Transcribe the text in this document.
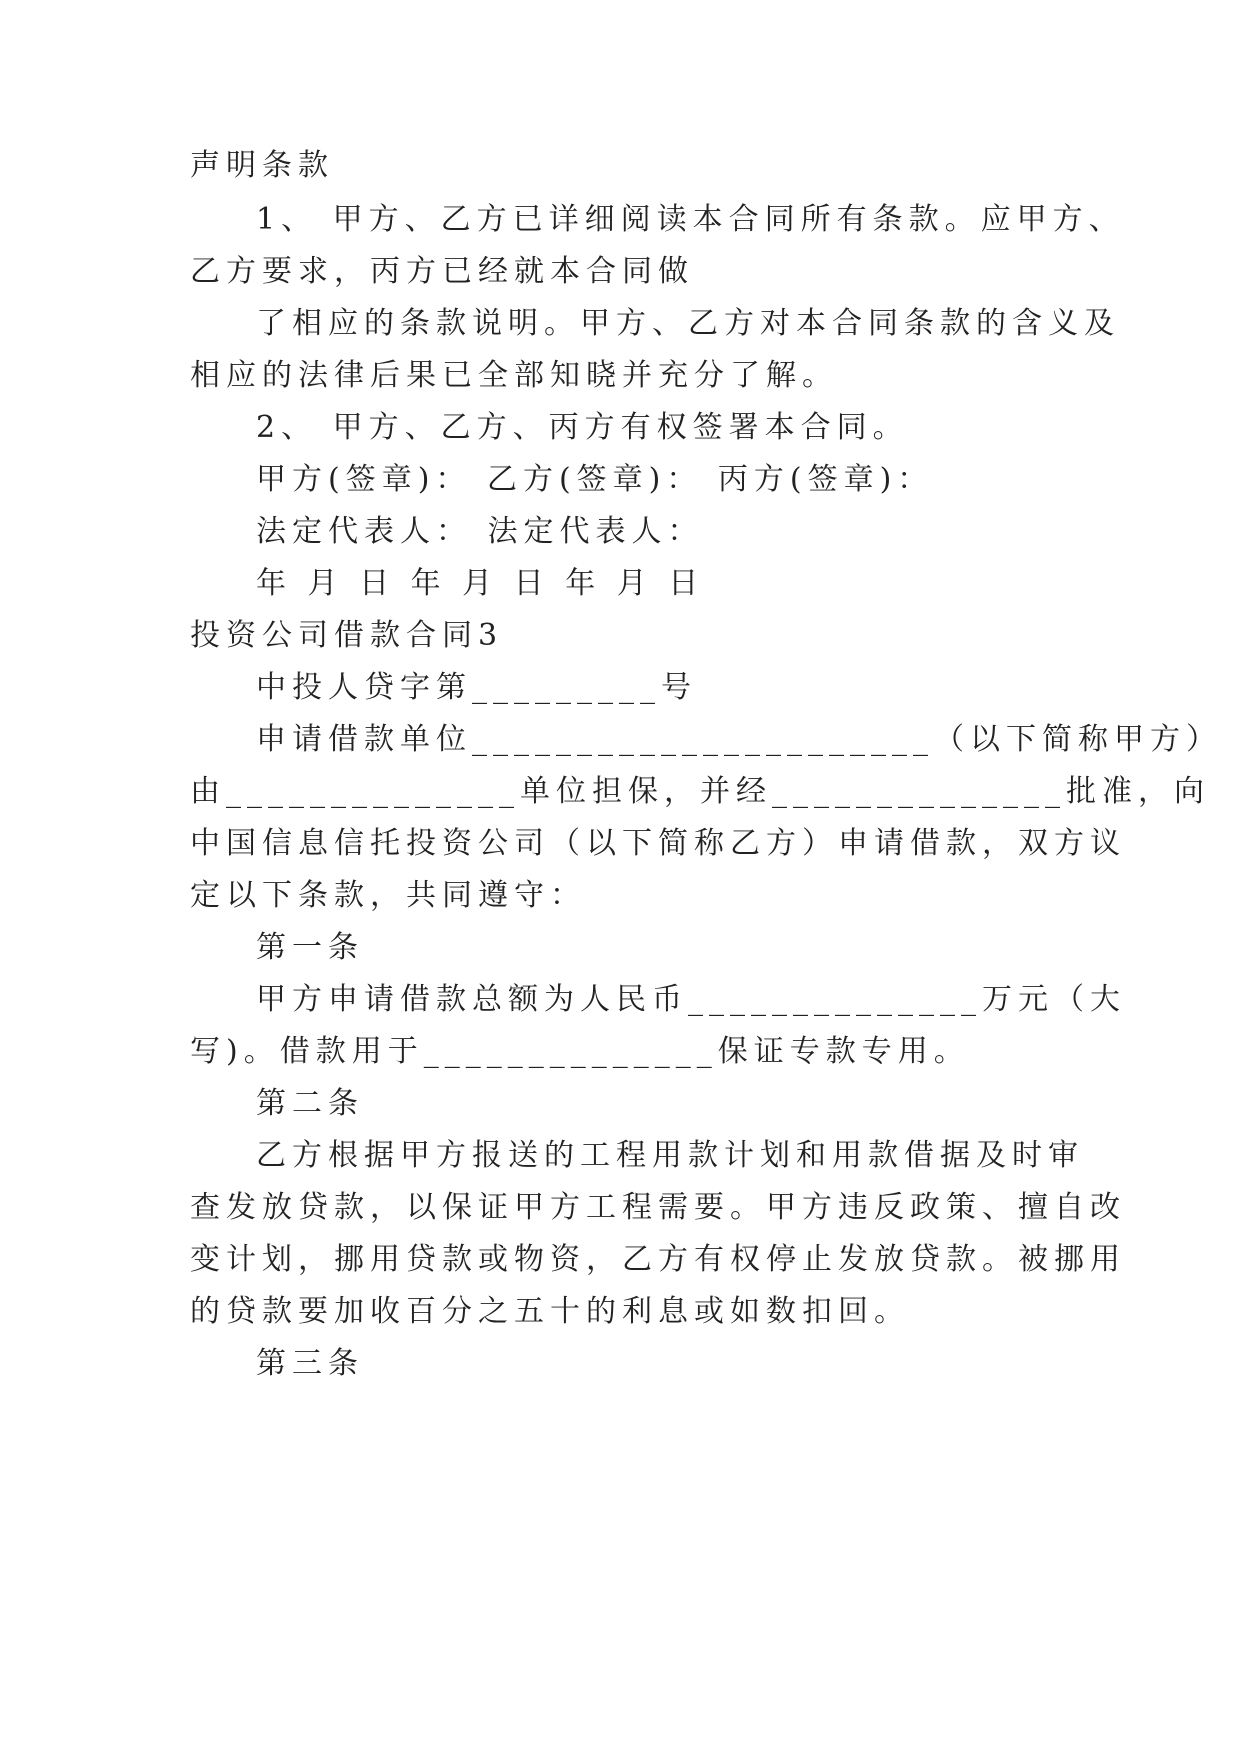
声明条款
1、 甲方、乙方已详细阅读本合同所有条款。应甲方、
乙方要求，丙方已经就本合同做
了相应的条款说明。甲方、乙方对本合同条款的含义及
相应的法律后果已全部知晓并充分了解。
2、 甲方、乙方、丙方有权签署本合同。
甲方(签章)： 乙方(签章)： 丙方(签章)：
法定代表人： 法定代表人：
年 月 日 年 月 日 年 月 日
投资公司借款合同3
中投人贷字第_________号
申请借款单位______________________（以下简称甲方）
由______________单位担保，并经______________批准，向
中国信息信托投资公司（以下简称乙方）申请借款，双方议
定以下条款，共同遵守：
第一条
甲方申请借款总额为人民币______________万元（大
写)。借款用于______________保证专款专用。
第二条
乙方根据甲方报送的工程用款计划和用款借据及时审
查发放贷款，以保证甲方工程需要。甲方违反政策、擅自改
变计划，挪用贷款或物资，乙方有权停止发放贷款。被挪用
的贷款要加收百分之五十的利息或如数扣回。
第三条
